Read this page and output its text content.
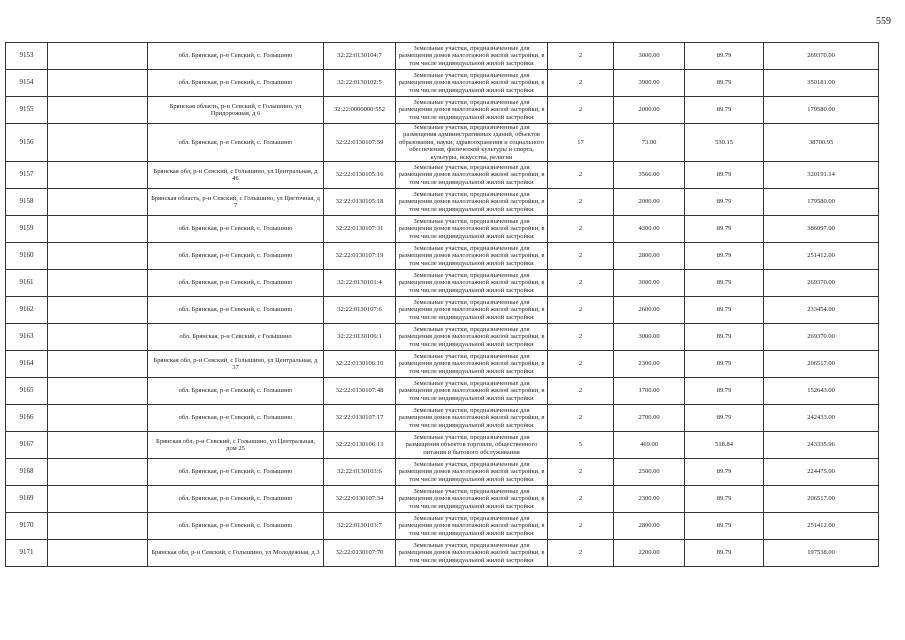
559
9153		обл. Брянская, р-н Севский, с. Голышино	32:22:0130104:7	Земельные участки, предназначенные для размещения домов малоэтажной жилой застройки, в том числе индивидуальной жилой застройки	2	3000.00	89.79	269370.00
9154		обл. Брянская, р-н Севский, с. Голышино	32:22:0130102:5	Земельные участки, предназначенные для размещения домов малоэтажной жилой застройки, в том числе индивидуальной жилой застройки	2	3900.00	89.79	350181.00
9155		Брянская область, р-н Севский, с Голышино, ул Придорожная, д 6	32:22:0000000:552	Земельные участки, предназначенные для размещения домов малоэтажной жилой застройки, в том числе индивидуальной жилой застройки	2	2000.00	89.79	179580.00
9156		обл. Брянская, р-н Севский, с. Голышино	32:22:0130107:59	Земельные участки, предназначенные для размещения административных зданий, объектов образования, науки, здравоохранения и социального обеспечения, физической культуры и спорта, культуры, искусства, религии	17	73.00	530.15	38700.95
9157		Брянская обл, р-н Севский, с Голышино, ул Центральная, д 46	32:22:0130105:16	Земельные участки, предназначенные для размещения домов малоэтажной жилой застройки, в том числе индивидуальной жилой застройки	2	3566.00	89.79	320191.14
9158		Брянская область, р-н Севский, с Голышино, ул Цветочная, д 7	32:22:0130105:18	Земельные участки, предназначенные для размещения домов малоэтажной жилой застройки, в том числе индивидуальной жилой застройки	2	2000.00	89.79	179580.00
9159		обл. Брянская, р-н Севский, с. Голышино	32:22:0130107:31	Земельные участки, предназначенные для размещения домов малоэтажной жилой застройки, в том числе индивидуальной жилой застройки	2	4300.00	89.79	386097.00
9160		обл. Брянская, р-н Севский, с. Голышино	32:22:0130107:19	Земельные участки, предназначенные для размещения домов малоэтажной жилой застройки, в том числе индивидуальной жилой застройки	2	2800.00	89.79	251412.00
9161		обл. Брянская, р-н Севский, с. Голышино	32:22:0130101:4	Земельные участки, предназначенные для размещения домов малоэтажной жилой застройки, в том числе индивидуальной жилой застройки	2	3000.00	89.79	269370.00
9162		обл. Брянская, р-н Севский, с. Голышино	32:22:0130107:6	Земельные участки, предназначенные для размещения домов малоэтажной жилой застройки, в том числе индивидуальной жилой застройки	2	2600.00	89.79	233454.00
9163		обл. Брянская, р-н Севский, с Голышино	32:22:0130106:1	Земельные участки, предназначенные для размещения домов малоэтажной жилой застройки, в том числе индивидуальной жилой застройки	2	3000.00	89.79	269370.00
9164		Брянская обл, р-н Севский, с Голышино, ул Центральная, д 37	32:22:0130106:10	Земельные участки, предназначенные для размещения домов малоэтажной жилой застройки, в том числе индивидуальной жилой застройки	2	2300.00	89.79	206517.00
9165		обл. Брянская, р-н Севский, с. Голышино	32:22:0130107:48	Земельные участки, предназначенные для размещения домов малоэтажной жилой застройки, в том числе индивидуальной жилой застройки	2	1700.00	89.79	152643.00
9166		обл. Брянская, р-н Севский, с. Голышино	32:22:0130107:17	Земельные участки, предназначенные для размещения домов малоэтажной жилой застройки, в том числе индивидуальной жилой застройки	2	2700.00	89.79	242433.00
9167		Брянская обл, р-н Севский, с Голышино, ул Центральная, дом 25	32:22:0130106:13	Земельные участки, предназначенные для размещения объектов торговли, общественного питания и бытового обслуживания	5	469.00	518.84	243335.96
9168		обл. Брянская, р-н Севский, с. Голышино	32:22:0130103:6	Земельные участки, предназначенные для размещения домов малоэтажной жилой застройки, в том числе индивидуальной жилой застройки	2	2500.00	89.79	224475.00
9169		обл. Брянская, р-н Севский, с. Голышино	32:22:0130107:34	Земельные участки, предназначенные для размещения домов малоэтажной жилой застройки, в том числе индивидуальной жилой застройки	2	2300.00	89.79	206517.00
9170		обл. Брянская, р-н Севский, с. Голышино	32:22:0130103:7	Земельные участки, предназначенные для размещения домов малоэтажной жилой застройки, в том числе индивидуальной жилой застройки	2	2800.00	89.79	251412.00
9171		Брянская обл, р-н Севский, с Голышино, ул Молодежная, д 3	32:22:0130107:70	Земельные участки, предназначенные для размещения домов малоэтажной жилой застройки, в том числе индивидуальной жилой застройки	2	2200.00	89.79	197538.00
